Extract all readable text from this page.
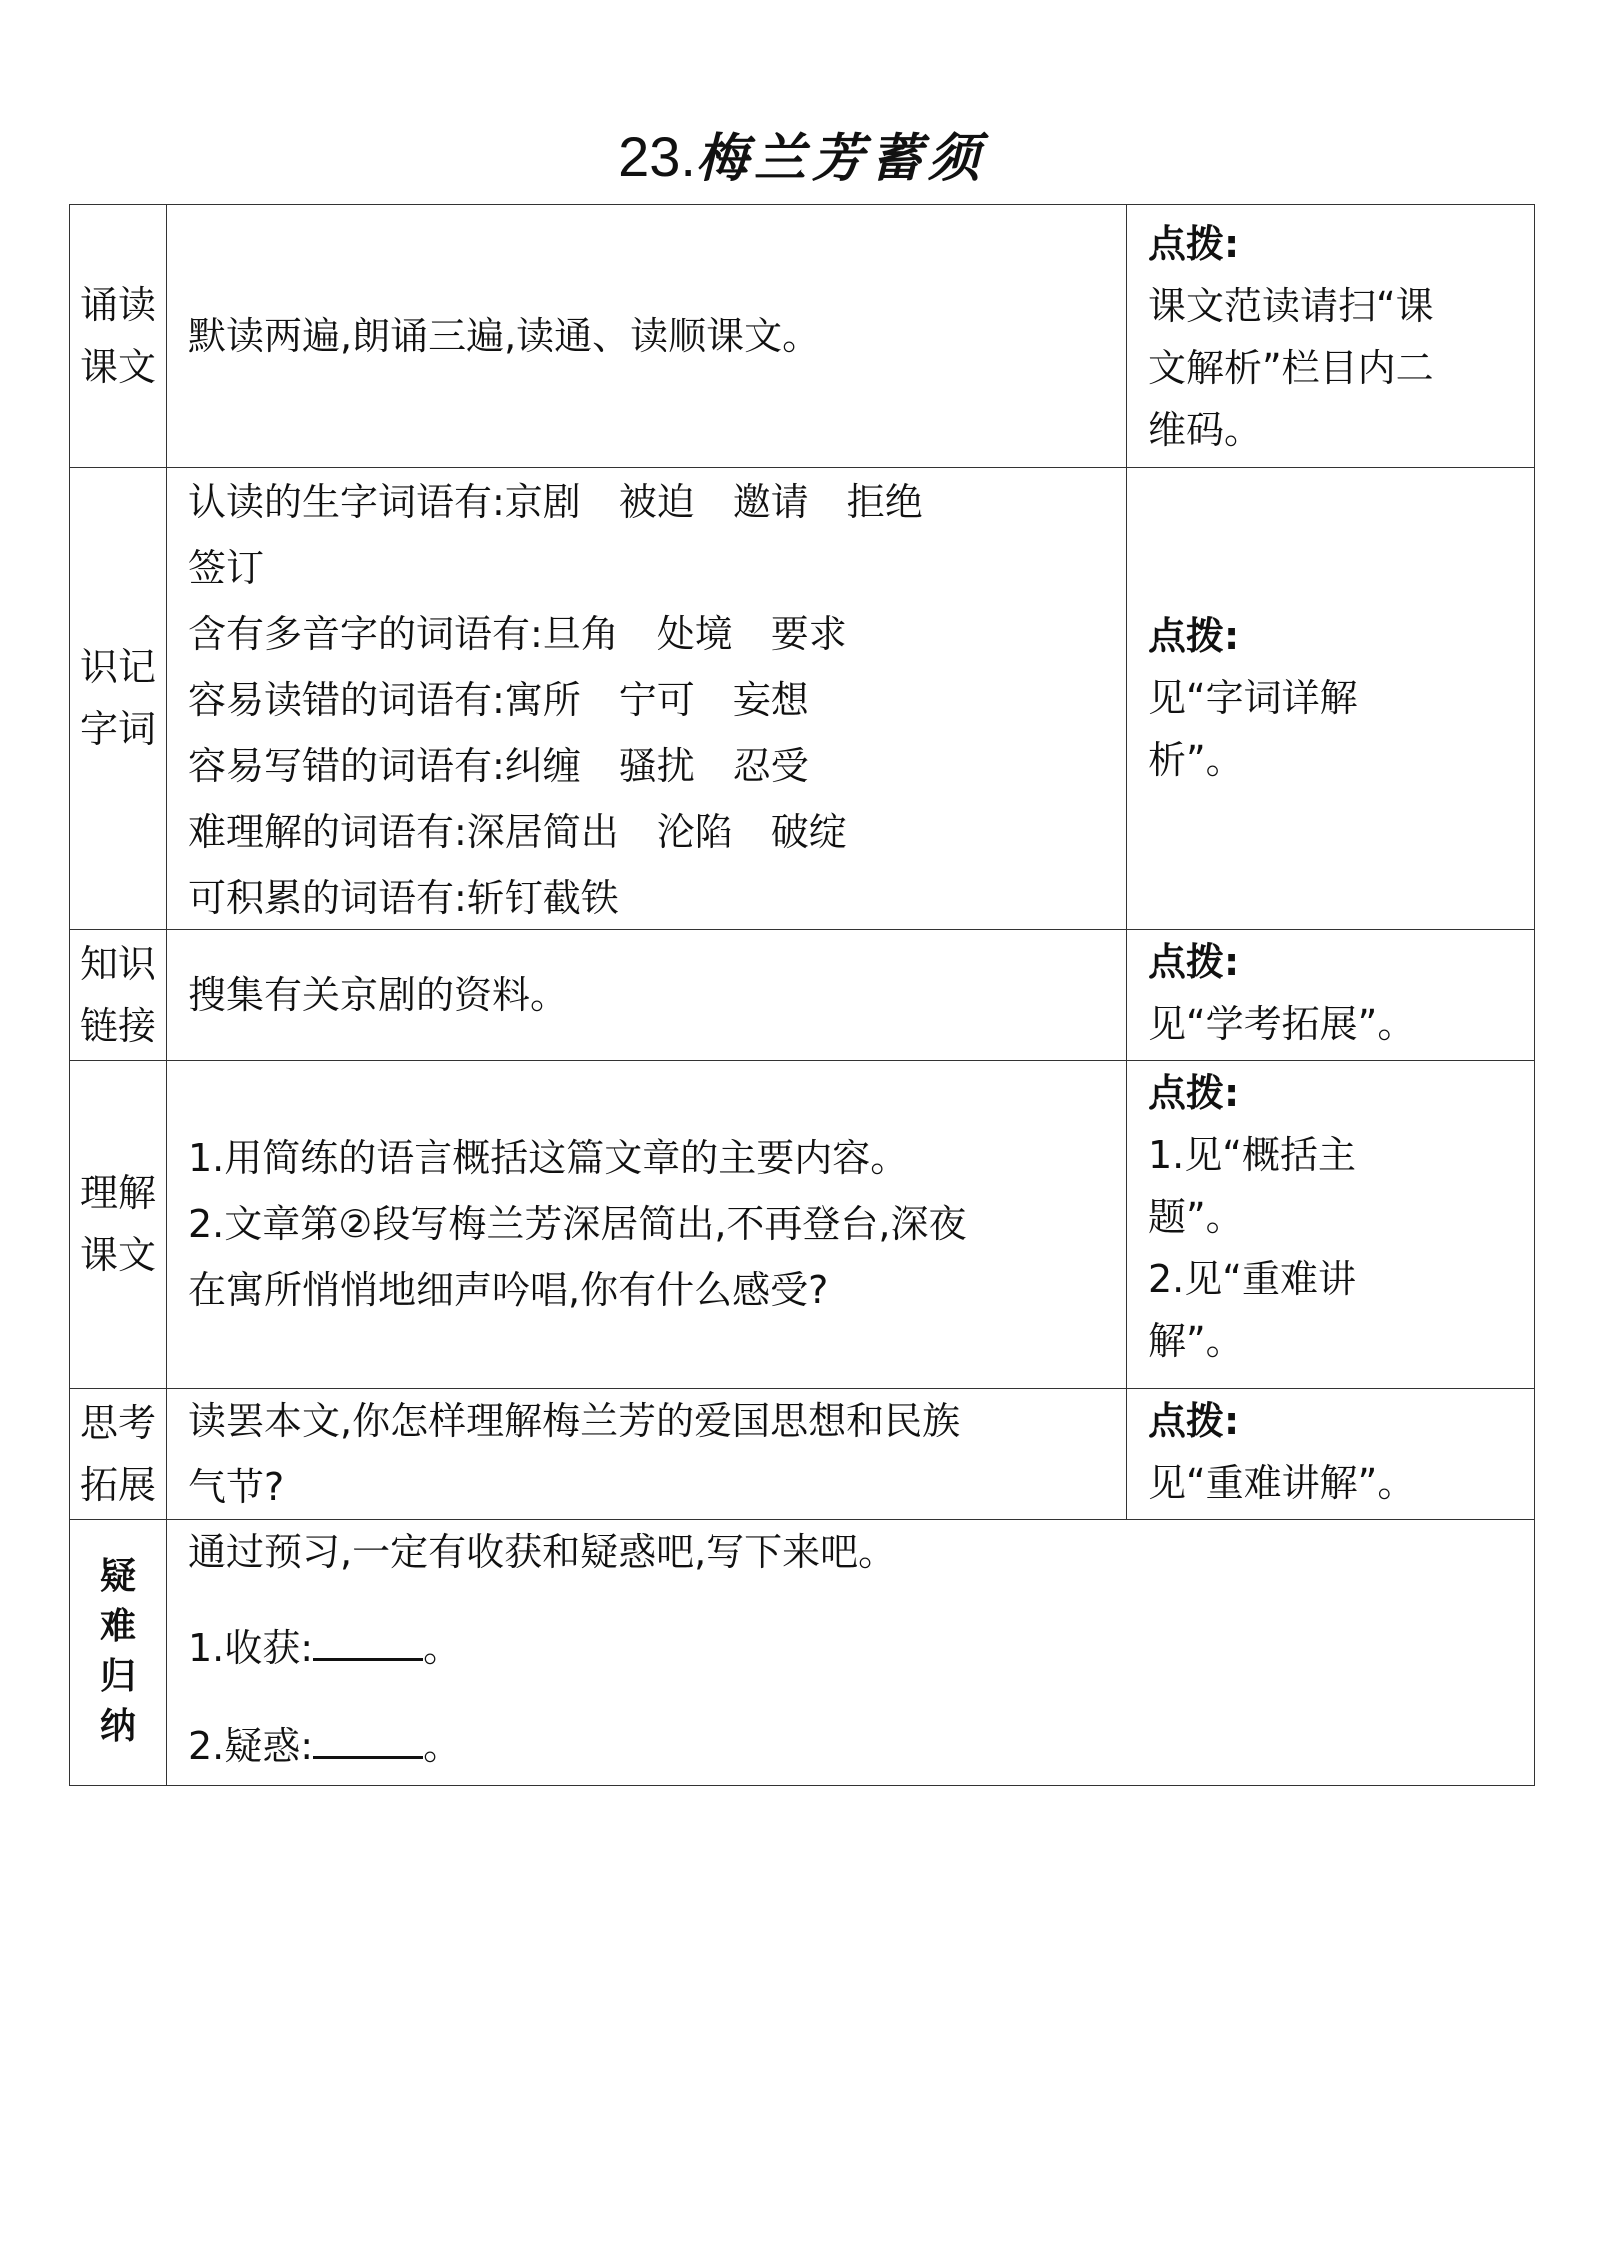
23.梅兰芳蓄须
诵读
课文
默读两遍,朗诵三遍,读通、读顺课文。
点拨:
课文范读请扫“课
文解析”栏目内二
维码。
识记
字词
认读的生字词语有:京剧　被迫　邀请　拒绝
签订
含有多音字的词语有:旦角　处境　要求
容易读错的词语有:寓所　宁可　妄想
容易写错的词语有:纠缠　骚扰　忍受
难理解的词语有:深居简出　沦陷　破绽
可积累的词语有:斩钉截铁
点拨:
见“字词详解
析”。
知识
链接
搜集有关京剧的资料。
点拨:
见“学考拓展”。
理解
课文
1.用简练的语言概括这篇文章的主要内容。
2.文章第②段写梅兰芳深居简出,不再登台,深夜
在寓所悄悄地细声吟唱,你有什么感受?
点拨:
1.见“概括主
题”。
2.见“重难讲
解”。
思考
拓展
读罢本文,你怎样理解梅兰芳的爱国思想和民族
气节?
点拨:
见“重难讲解”。
疑
难
归
纳
通过预习,一定有收获和疑惑吧,写下来吧。
1.收获:	。
2.疑惑:	。
